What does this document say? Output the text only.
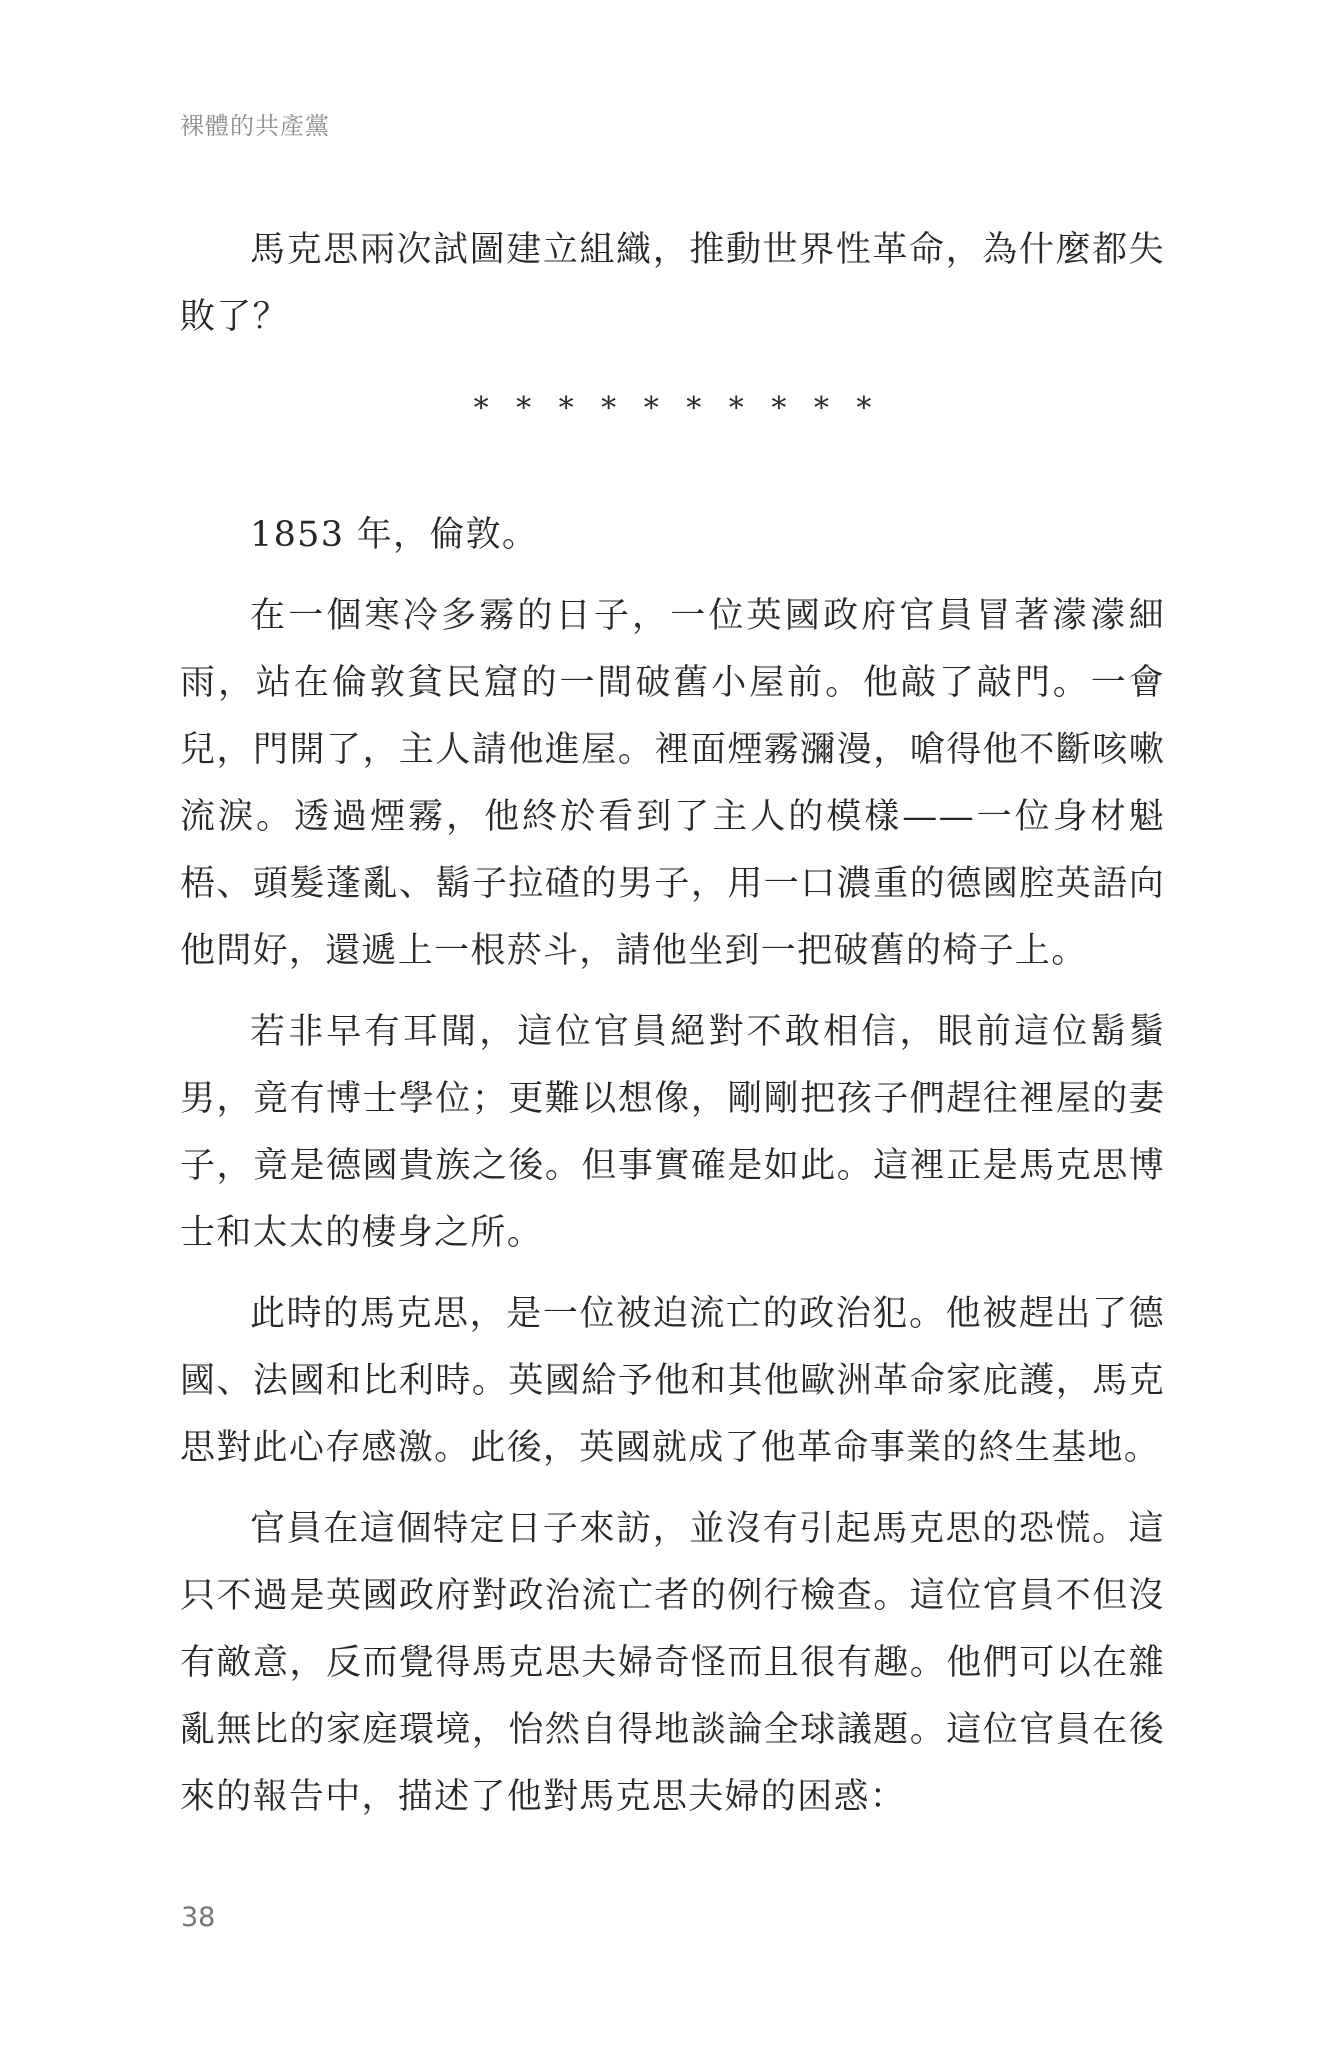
裸體的共產黨

馬克思兩次試圖建立組織，推動世界性革命，為什麼都失敗了？

* * * * * * * * * *

1853 年，倫敦。

在一個寒冷多霧的日子，一位英國政府官員冒著濛濛細雨，站在倫敦貧民窟的一間破舊小屋前。他敲了敲門。一會兒，門開了，主人請他進屋。裡面煙霧瀰漫，嗆得他不斷咳嗽流淚。透過煙霧，他終於看到了主人的模樣——一位身材魁梧、頭髮蓬亂、鬍子拉碴的男子，用一口濃重的德國腔英語向他問好，還遞上一根菸斗，請他坐到一把破舊的椅子上。

若非早有耳聞，這位官員絕對不敢相信，眼前這位鬍鬚男，竟有博士學位；更難以想像，剛剛把孩子們趕往裡屋的妻子，竟是德國貴族之後。但事實確是如此。這裡正是馬克思博士和太太的棲身之所。

此時的馬克思，是一位被迫流亡的政治犯。他被趕出了德國、法國和比利時。英國給予他和其他歐洲革命家庇護，馬克思對此心存感激。此後，英國就成了他革命事業的終生基地。

官員在這個特定日子來訪，並沒有引起馬克思的恐慌。這只不過是英國政府對政治流亡者的例行檢查。這位官員不但沒有敵意，反而覺得馬克思夫婦奇怪而且很有趣。他們可以在雜亂無比的家庭環境，怡然自得地談論全球議題。這位官員在後來的報告中，描述了他對馬克思夫婦的困惑：

38
